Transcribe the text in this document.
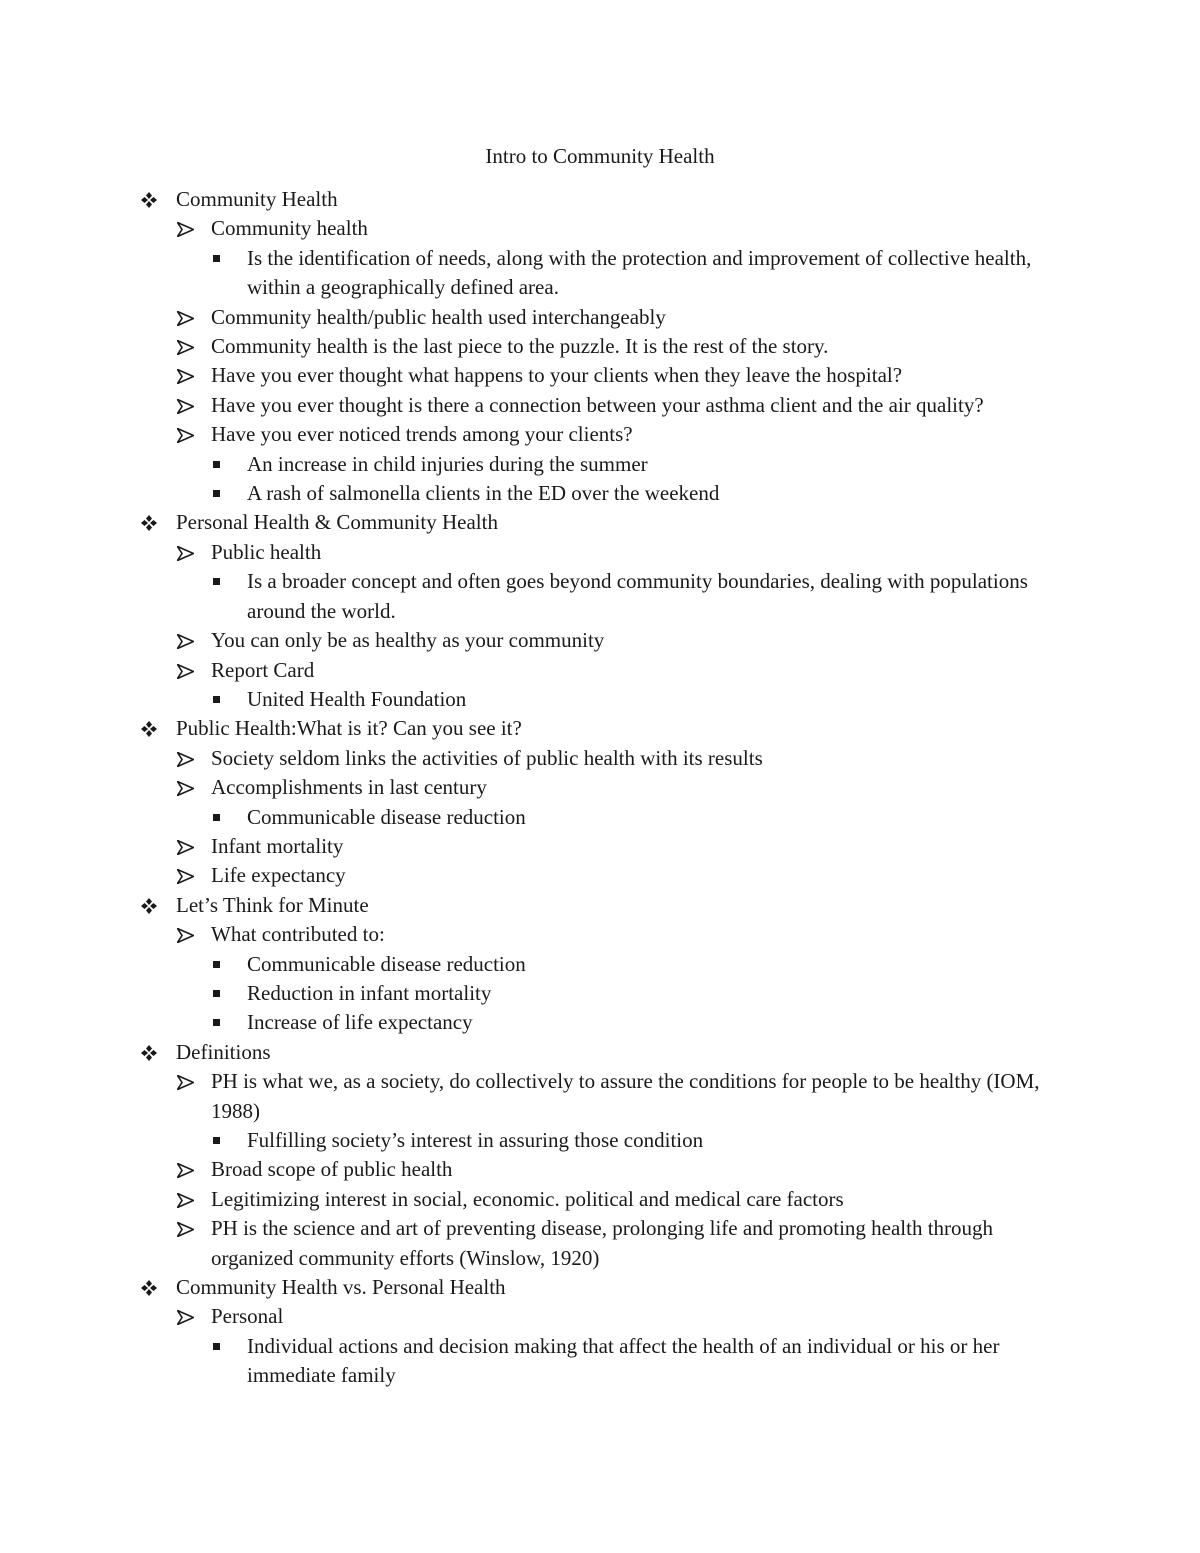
Intro to Community Health
Community Health
Community health
Is the identification of needs, along with the protection and improvement of collective health, within a geographically defined area.
Community health/public health used interchangeably
Community health is the last piece to the puzzle. It is the rest of the story.
Have you ever thought what happens to your clients when they leave the hospital?
Have you ever thought is there a connection between your asthma client and the air quality?
Have you ever noticed trends among your clients?
An increase in child injuries during the summer
A rash of salmonella clients in the ED over the weekend
Personal Health & Community Health
Public health
Is a broader concept and often goes beyond community boundaries, dealing with populations around the world.
You can only be as healthy as your community
Report Card
United Health Foundation
Public Health:What is it? Can you see it?
Society seldom links the activities of public health with its results
Accomplishments in last century
Communicable disease reduction
Infant mortality
Life expectancy
Let’s Think for Minute
What contributed to:
Communicable disease reduction
Reduction in infant mortality
Increase of life expectancy
Definitions
PH is what we, as a society, do collectively to assure the conditions for people to be healthy (IOM, 1988)
Fulfilling society’s interest in assuring those condition
Broad scope of public health
Legitimizing interest in social, economic. political and medical care factors
PH is the science and art of preventing disease, prolonging life and promoting health through organized community efforts (Winslow, 1920)
Community Health vs. Personal Health
Personal
Individual actions and decision making that affect the health of an individual or his or her immediate family
